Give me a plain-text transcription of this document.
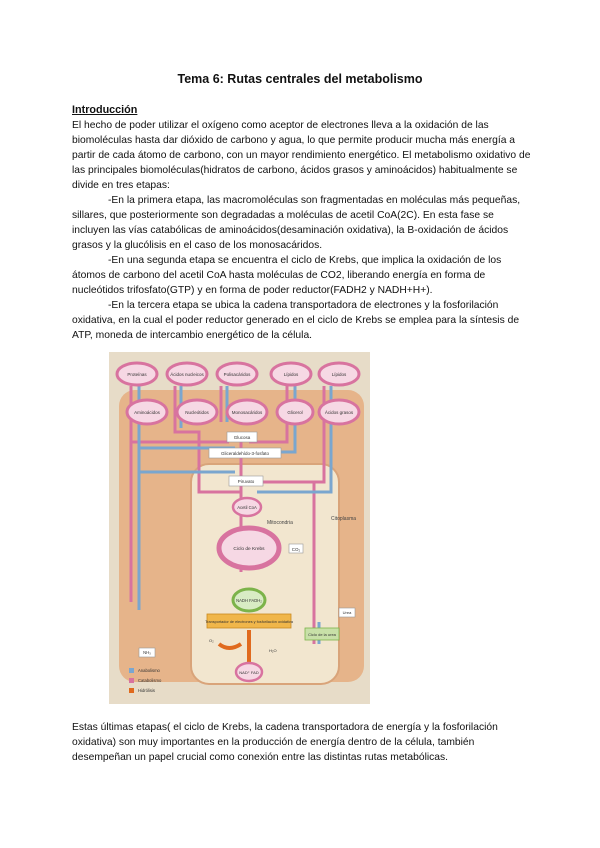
Tema 6: Rutas centrales del metabolismo
Introducción

El hecho de poder utilizar el oxígeno como aceptor de electrones lleva a la oxidación de las biomoléculas hasta dar dióxido de carbono y agua, lo que permite producir mucha más energía a partir de cada átomo de carbono, con un mayor rendimiento energético. El metabolismo oxidativo de las principales biomoléculas(hidratos de carbono, ácidos grasos y aminoácidos) habitualmente se divide en tres etapas:

-En la primera etapa, las macromoléculas son fragmentadas en moléculas más pequeñas, sillares, que posteriormente son degradadas a moléculas de acetil CoA(2C). En esta fase se incluyen las vías catabólicas de aminoácidos(desaminación oxidativa), la B-oxidación de ácidos grasos y la glucólisis en el caso de los monosacáridos.

-En una segunda etapa se encuentra el ciclo de Krebs, que implica la oxidación de los átomos de carbono del acetil CoA hasta moléculas de CO2, liberando energía en forma de nucleótidos trifosfato(GTP) y en forma de poder reductor(FADH2 y NADH+H+).

-En la tercera etapa se ubica la cadena transportadora de electrones y la fosforilación oxidativa, en la cual el poder reductor generado en el ciclo de Krebs se emplea para la síntesis de ATP, moneda de intercambio energético de la célula.

Proteínas	Ácidos nucleicos	Polisacáridos	Lípidos	Lípidos
Aminoácidos	Nucleótidos	Monosacáridos	Glicerol	Ácidos grasos
Glucosa
Gliceraldehído-3-fosfato
Piruvato
Acetil CoA
Mitocondria
Citoplasma
Ciclo de Krebs	CO₂
NADH FADH₂
Transportador de electrones y fosforilación oxidativa
O₂
H₂O
NAD⁺ FAD
NH₃
Ciclo de la urea
Urea
Anabolismo
Catabolismo
Hidrólisis
Estas últimas etapas( el ciclo de Krebs, la cadena transportadora de energía y la fosforilación oxidativa) son muy importantes en la producción de energía dentro de la célula, también desempeñan un papel crucial como conexión entre las distintas rutas metabólicas.
